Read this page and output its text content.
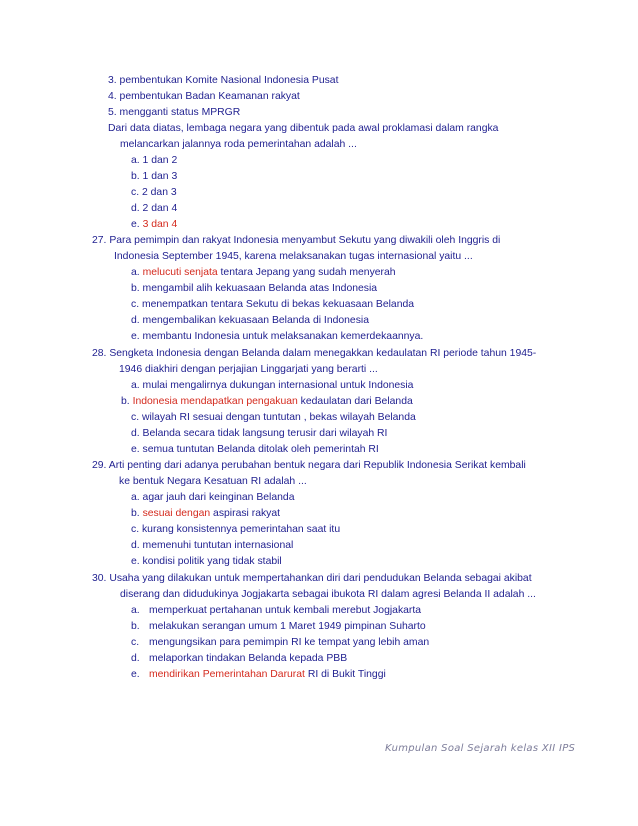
3. pembentukan Komite Nasional Indonesia Pusat
4. pembentukan Badan Keamanan rakyat
5. mengganti status MPRGR
Dari data diatas, lembaga negara yang dibentuk pada awal proklamasi dalam rangka
melancarkan jalannya roda pemerintahan adalah ...
a. 1 dan 2
b. 1 dan 3
c. 2 dan 3
d. 2 dan 4
e. 3 dan 4
27. Para pemimpin dan rakyat Indonesia menyambut Sekutu yang diwakili oleh Inggris di
Indonesia September 1945, karena melaksanakan tugas internasional yaitu ...
a. melucuti senjata tentara Jepang yang sudah menyerah
b. mengambil alih kekuasaan Belanda atas Indonesia
c. menempatkan tentara Sekutu di bekas kekuasaan Belanda
d. mengembalikan kekuasaan Belanda di Indonesia
e. membantu Indonesia untuk melaksanakan kemerdekaannya.
28. Sengketa Indonesia dengan Belanda dalam menegakkan kedaulatan RI periode tahun 1945-
1946 diakhiri dengan perjajian Linggarjati yang berarti ...
a. mulai mengalirnya dukungan internasional untuk Indonesia
b. Indonesia mendapatkan pengakuan kedaulatan dari Belanda
c. wilayah RI sesuai dengan tuntutan , bekas wilayah Belanda
d. Belanda secara tidak langsung terusir dari wilayah RI
e. semua tuntutan Belanda ditolak oleh pemerintah RI
29. Arti penting dari adanya perubahan bentuk negara dari Republik Indonesia Serikat kembali
ke bentuk Negara Kesatuan RI adalah ...
a. agar jauh dari keinginan Belanda
b. sesuai dengan aspirasi rakyat
c. kurang konsistennya pemerintahan saat itu
d. memenuhi tuntutan internasional
e. kondisi politik yang tidak stabil
30. Usaha yang dilakukan untuk mempertahankan diri dari pendudukan Belanda sebagai akibat
diserang dan didudukinya Jogjakarta sebagai ibukota RI dalam agresi Belanda II adalah ...
a. memperkuat pertahanan untuk kembali merebut Jogjakarta
b. melakukan serangan umum 1 Maret 1949 pimpinan Suharto
c. mengungsikan para pemimpin RI ke tempat yang lebih aman
d. melaporkan tindakan Belanda kepada PBB
e. mendirikan Pemerintahan Darurat RI di Bukit Tinggi
Kumpulan Soal Sejarah kelas XII IPS
